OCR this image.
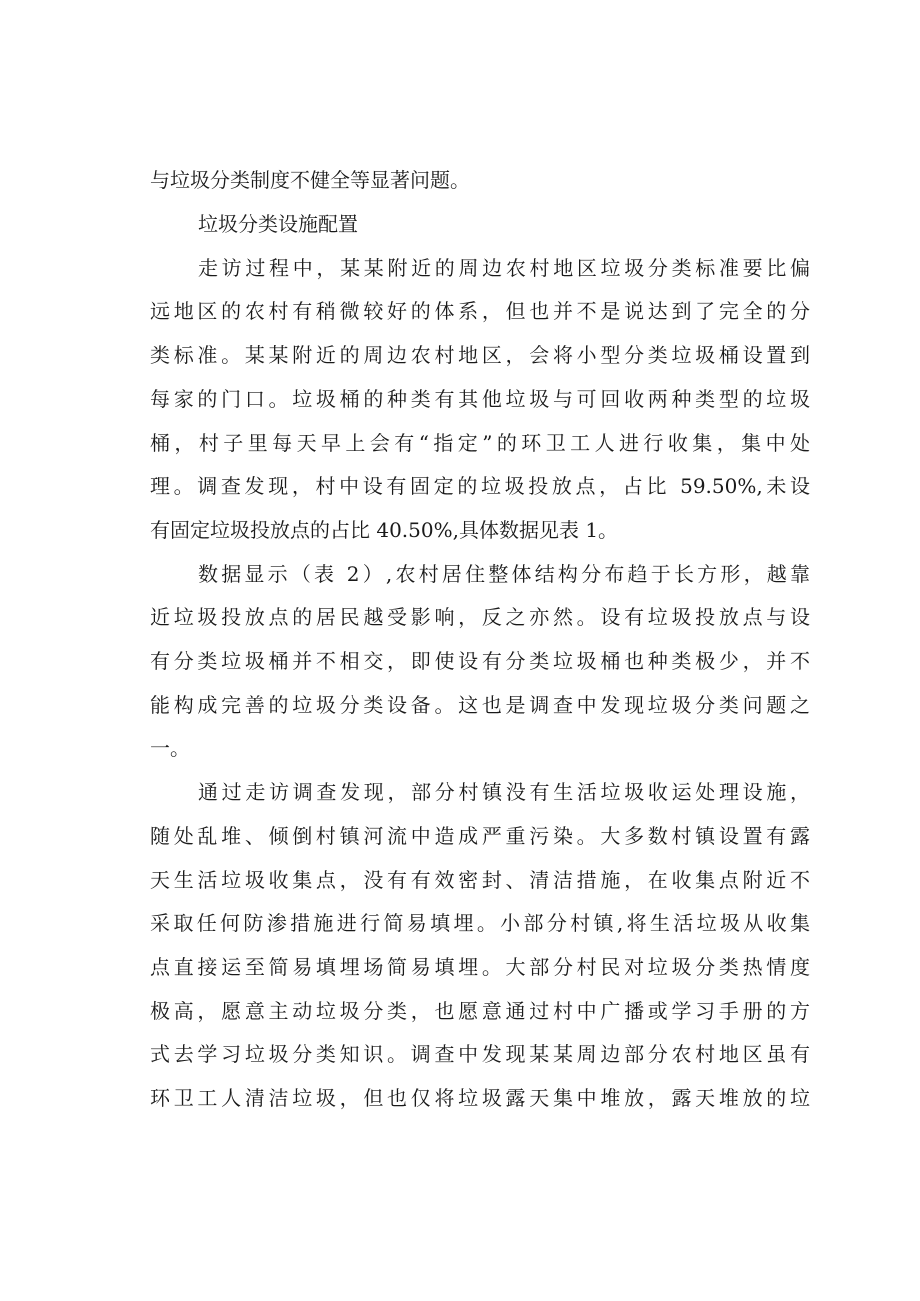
与垃圾分类制度不健全等显著问题。
垃圾分类设施配置
走访过程中，某某附近的周边农村地区垃圾分类标准要比偏
远地区的农村有稍微较好的体系，但也并不是说达到了完全的分
类标准。某某附近的周边农村地区，会将小型分类垃圾桶设置到
每家的门口。垃圾桶的种类有其他垃圾与可回收两种类型的垃圾
桶，村子里每天早上会有“指定”的环卫工人进行收集，集中处
理。调查发现，村中设有固定的垃圾投放点，占比 59.50%,未设
有固定垃圾投放点的占比 40.50%,具体数据见表 1。
数据显示（表 2）,农村居住整体结构分布趋于长方形，越靠
近垃圾投放点的居民越受影响，反之亦然。设有垃圾投放点与设
有分类垃圾桶并不相交，即使设有分类垃圾桶也种类极少，并不
能构成完善的垃圾分类设备。这也是调查中发现垃圾分类问题之
一。
通过走访调查发现，部分村镇没有生活垃圾收运处理设施，
随处乱堆、倾倒村镇河流中造成严重污染。大多数村镇设置有露
天生活垃圾收集点，没有有效密封、清洁措施，在收集点附近不
采取任何防渗措施进行简易填埋。小部分村镇,将生活垃圾从收集
点直接运至简易填埋场简易填埋。大部分村民对垃圾分类热情度
极高，愿意主动垃圾分类，也愿意通过村中广播或学习手册的方
式去学习垃圾分类知识。调查中发现某某周边部分农村地区虽有
环卫工人清洁垃圾，但也仅将垃圾露天集中堆放，露天堆放的垃
